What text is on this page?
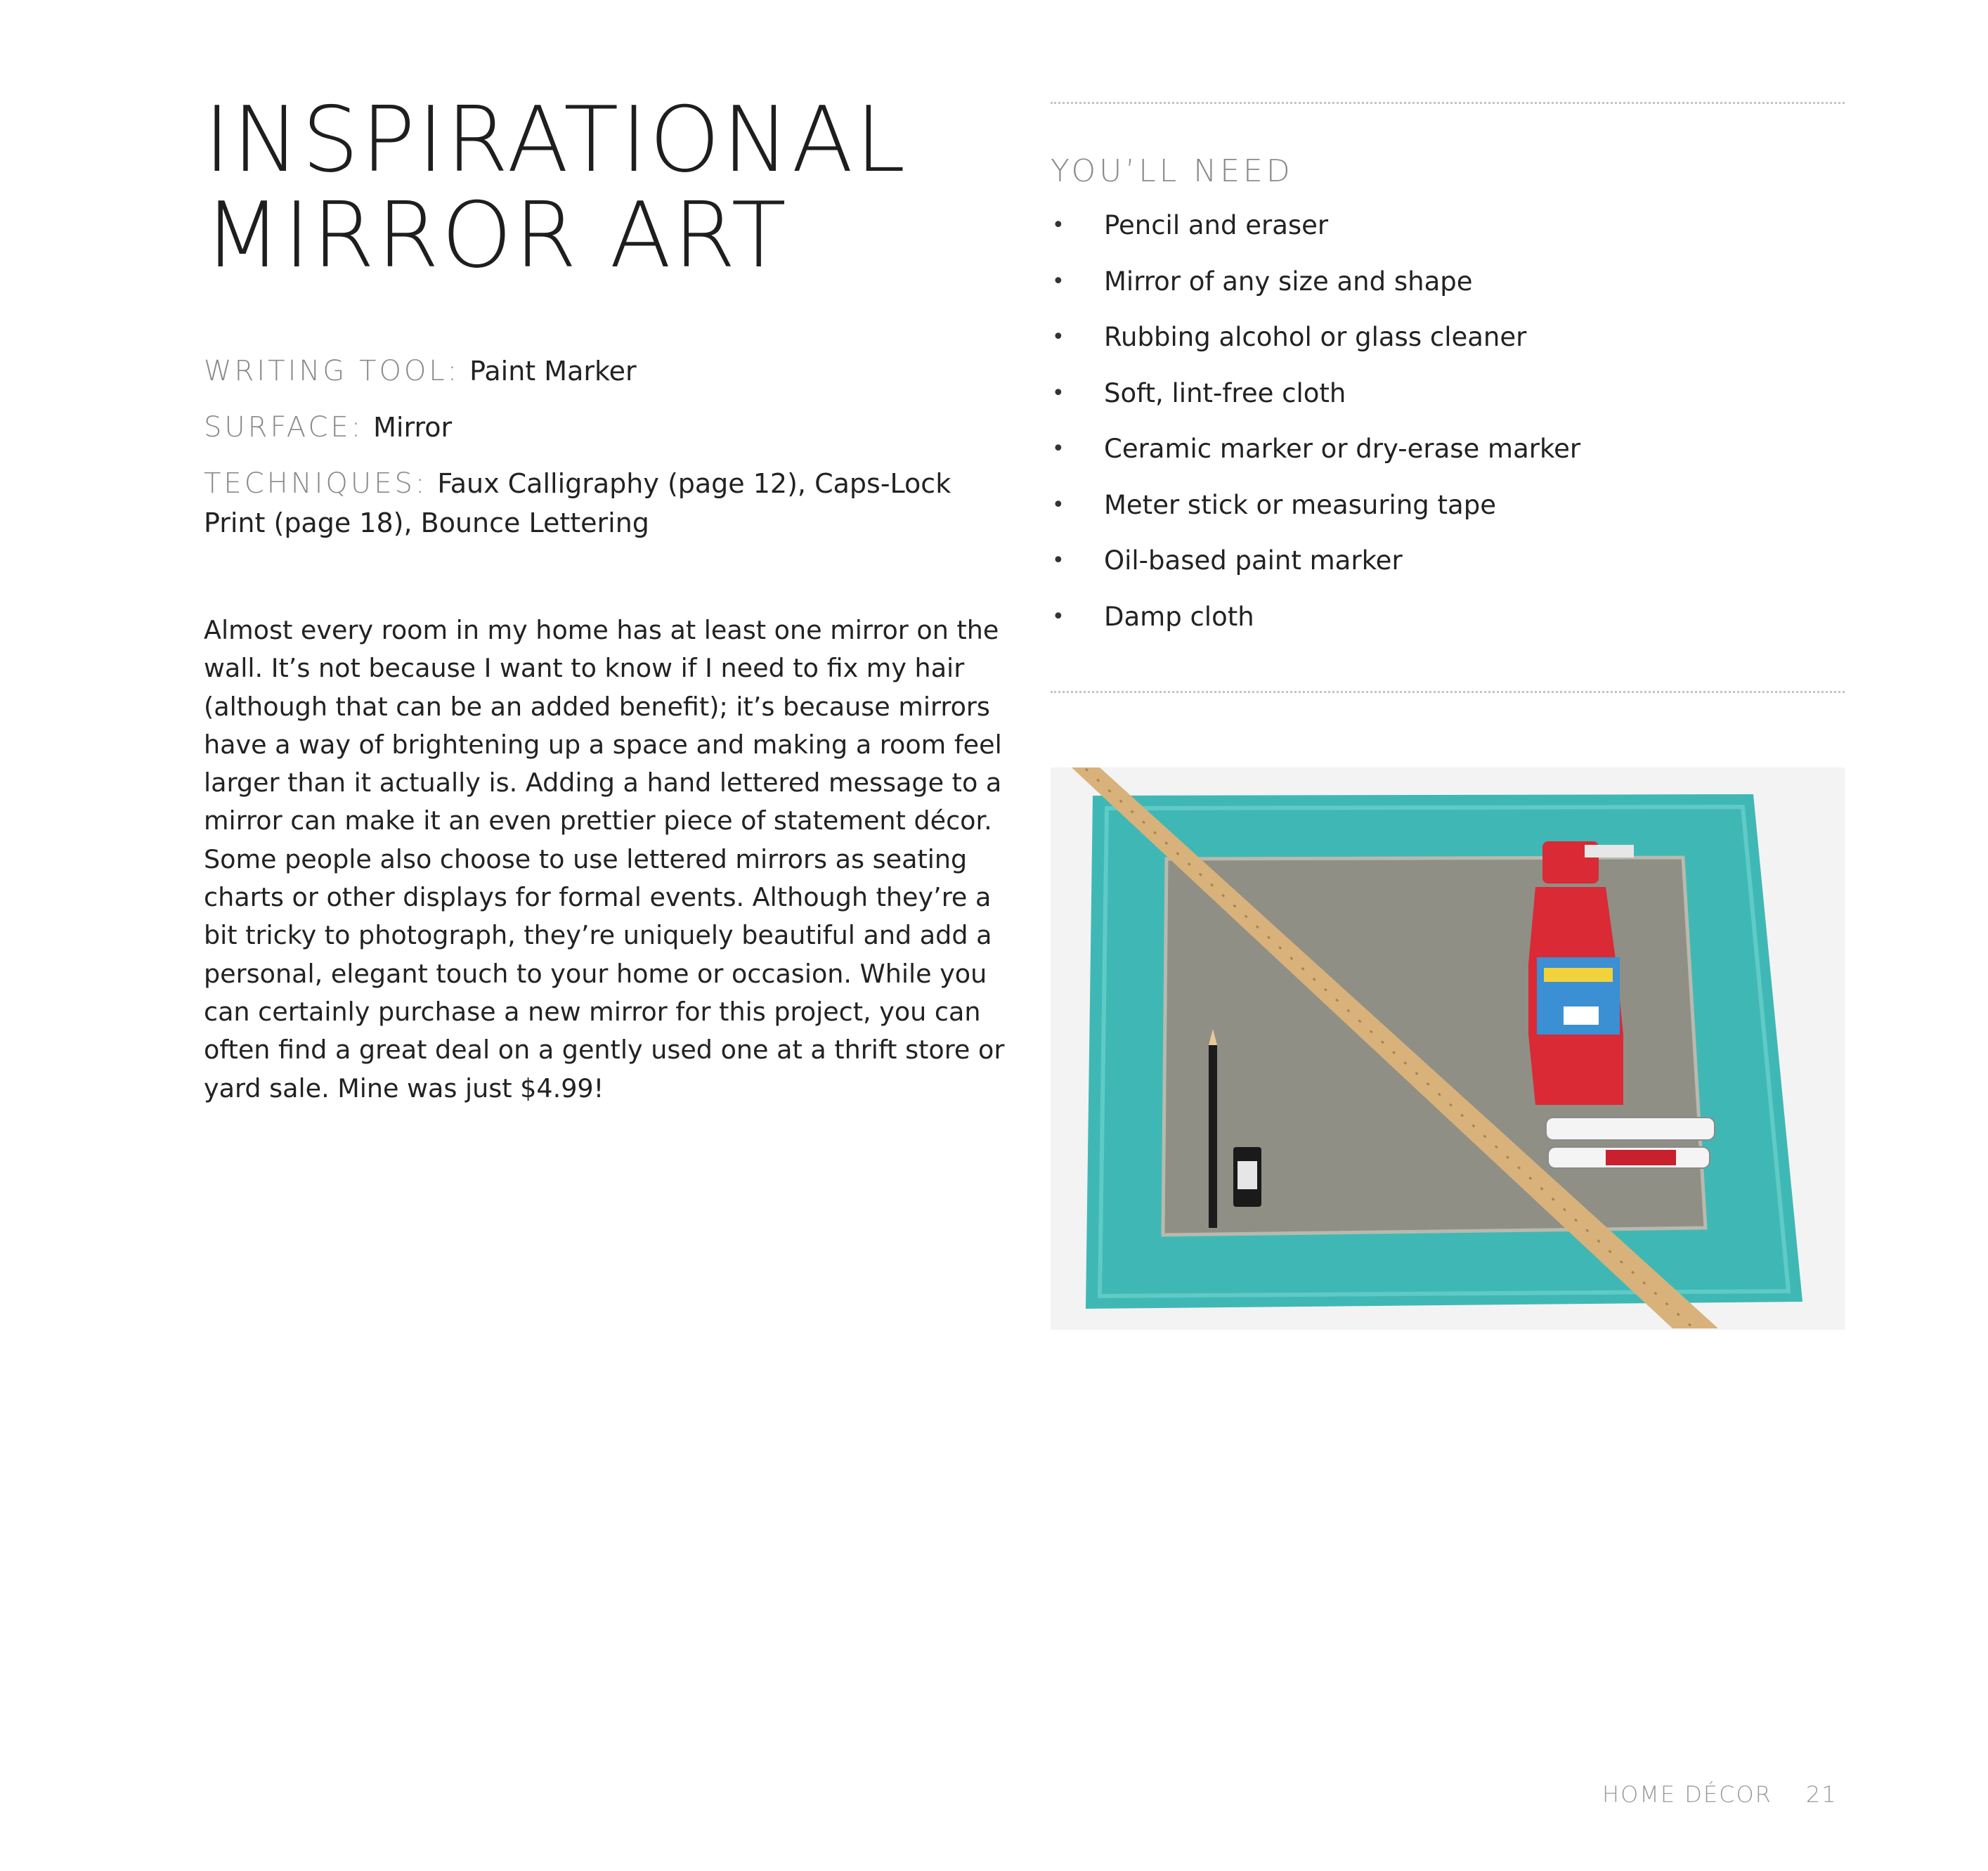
INSPIRATIONAL
MIRROR ART

WRITING TOOL: Paint Marker

SURFACE: Mirror

TECHNIQUES: Faux Calligraphy (page 12), Caps-Lock Print (page 18), Bounce Lettering

Almost every room in my home has at least one mirror on the wall. It’s not because I want to know if I need to fix my hair (although that can be an added benefit); it’s because mirrors have a way of brightening up a space and making a room feel larger than it actually is. Adding a hand lettered message to a mirror can make it an even prettier piece of statement décor. Some people also choose to use lettered mirrors as seating charts or other displays for formal events. Although they’re a bit tricky to photograph, they’re uniquely beautiful and add a personal, elegant touch to your home or occasion. While you can certainly purchase a new mirror for this project, you can often find a great deal on a gently used one at a thrift store or yard sale. Mine was just $4.99!

YOU’LL NEED
• Pencil and eraser
• Mirror of any size and shape
• Rubbing alcohol or glass cleaner
• Soft, lint-free cloth
• Ceramic marker or dry-erase marker
• Meter stick or measuring tape
• Oil-based paint marker
• Damp cloth
HOME DÉCOR 21
